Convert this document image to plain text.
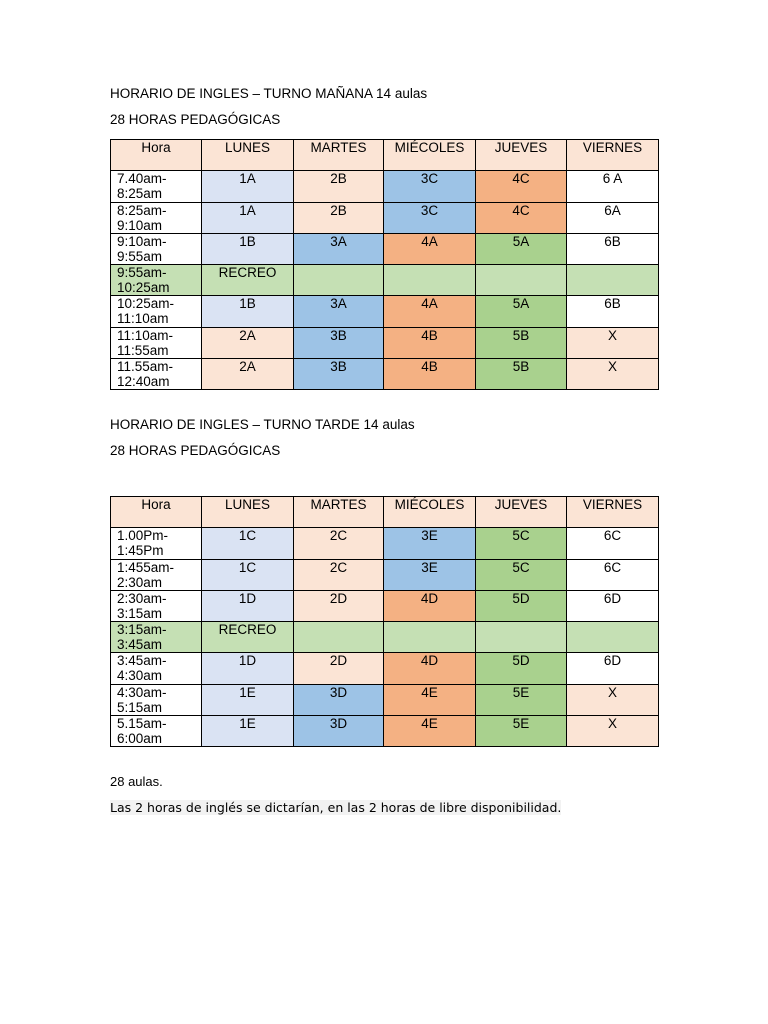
HORARIO DE INGLES – TURNO MAÑANA 14 aulas
28 HORAS PEDAGÓGICAS
Hora	LUNES	MARTES	MIÉCOLES	JUEVES	VIERNES
7.40am-
8:25am	1A	2B	3C	4C	6 A
8:25am-
9:10am	1A	2B	3C	4C	6A
9:10am-
9:55am	1B	3A	4A	5A	6B
9:55am-
10:25am	RECREO				
10:25am-
11:10am	1B	3A	4A	5A	6B
11:10am-
11:55am	2A	3B	4B	5B	X
11.55am-
12:40am	2A	3B	4B	5B	X
HORARIO DE INGLES – TURNO TARDE 14 aulas
28 HORAS PEDAGÓGICAS
Hora	LUNES	MARTES	MIÉCOLES	JUEVES	VIERNES
1.00Pm-
1:45Pm	1C	2C	3E	5C	6C
1:455am-
2:30am	1C	2C	3E	5C	6C
2:30am-
3:15am	1D	2D	4D	5D	6D
3:15am-
3:45am	RECREO				
3:45am-
4:30am	1D	2D	4D	5D	6D
4:30am-
5:15am	1E	3D	4E	5E	X
5.15am-
6:00am	1E	3D	4E	5E	X
28 aulas.
Las 2 horas de inglés se dictarían, en las 2 horas de libre disponibilidad.
